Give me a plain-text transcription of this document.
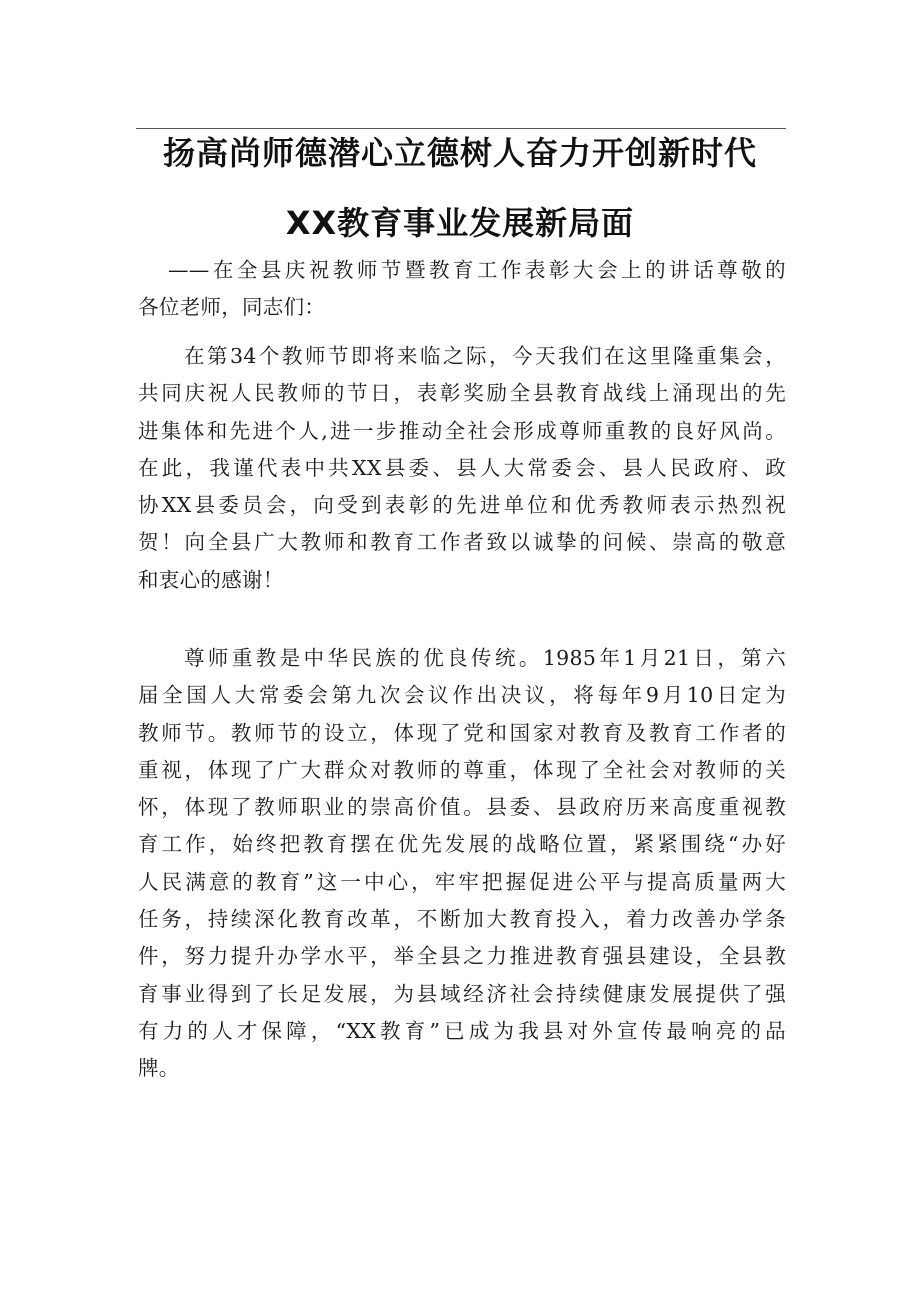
扬高尚师德潜心立德树人奋力开创新时代
XX教育事业发展新局面
——在全县庆祝教师节暨教育工作表彰大会上的讲话尊敬的
各位老师，同志们：
在第34个教师节即将来临之际，今天我们在这里隆重集会，
共同庆祝人民教师的节日，表彰奖励全县教育战线上涌现出的先
进集体和先进个人,进一步推动全社会形成尊师重教的良好风尚。
在此，我谨代表中共XX县委、县人大常委会、县人民政府、政
协XX县委员会，向受到表彰的先进单位和优秀教师表示热烈祝
贺！向全县广大教师和教育工作者致以诚挚的问候、崇高的敬意
和衷心的感谢！
尊师重教是中华民族的优良传统。1985年1月21日，第六
届全国人大常委会第九次会议作出决议，将每年9月10日定为
教师节。教师节的设立，体现了党和国家对教育及教育工作者的
重视，体现了广大群众对教师的尊重，体现了全社会对教师的关
怀，体现了教师职业的崇高价值。县委、县政府历来高度重视教
育工作，始终把教育摆在优先发展的战略位置，紧紧围绕“办好
人民满意的教育”这一中心，牢牢把握促进公平与提高质量两大
任务，持续深化教育改革，不断加大教育投入，着力改善办学条
件，努力提升办学水平，举全县之力推进教育强县建设，全县教
育事业得到了长足发展，为县域经济社会持续健康发展提供了强
有力的人才保障，“XX教育”已成为我县对外宣传最响亮的品
牌。
